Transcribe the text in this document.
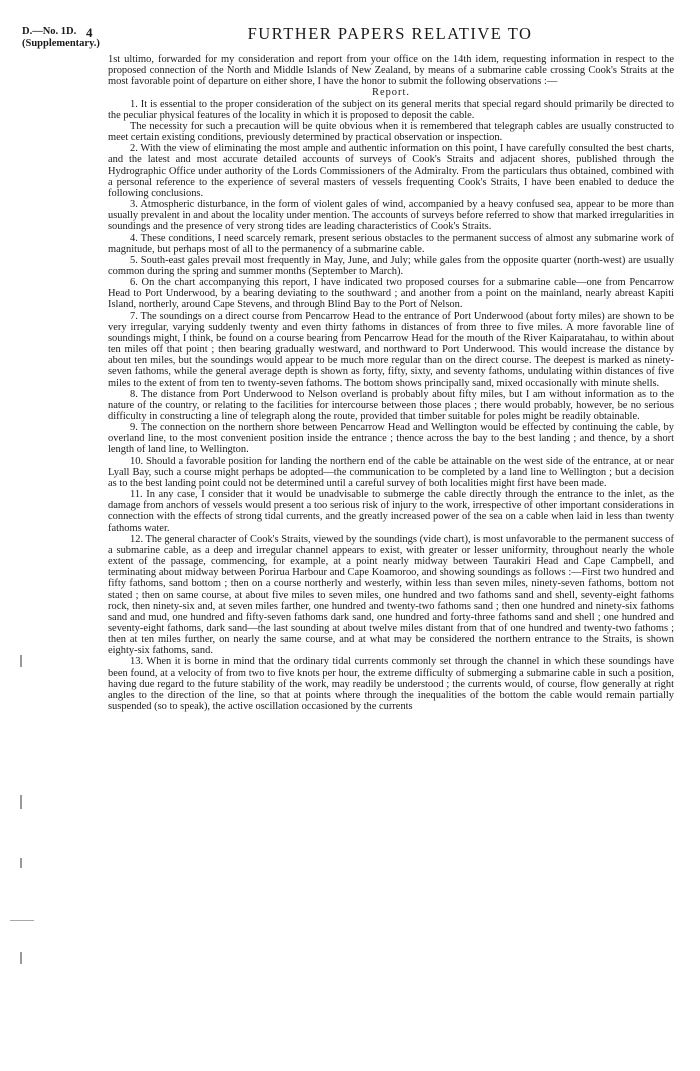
D.—No. 1D.
(Supplementary.)
4	FURTHER PAPERS RELATIVE TO

1st ultimo, forwarded for my consideration and report from your office on the 14th idem, requesting information in respect to the proposed connection of the North and Middle Islands of New Zealand, by means of a submarine cable crossing Cook's Straits at the most favorable point of departure on either shore, I have the honor to submit the following observations :—

Report.

1. It is essential to the proper consideration of the subject on its general merits that special regard should primarily be directed to the peculiar physical features of the locality in which it is proposed to deposit the cable.

The necessity for such a precaution will be quite obvious when it is remembered that telegraph cables are usually constructed to meet certain existing conditions, previously determined by practical observation or inspection.

2. With the view of eliminating the most ample and authentic information on this point, I have carefully consulted the best charts, and the latest and most accurate detailed accounts of surveys of Cook's Straits and adjacent shores, published through the Hydrographic Office under authority of the Lords Commissioners of the Admiralty. From the particulars thus obtained, combined with a personal reference to the experience of several masters of vessels frequenting Cook's Straits, I have been enabled to deduce the following conclusions.

3. Atmospheric disturbance, in the form of violent gales of wind, accompanied by a heavy confused sea, appear to be more than usually prevalent in and about the locality under mention. The accounts of surveys before referred to show that marked irregularities in soundings and the presence of very strong tides are leading characteristics of Cook's Straits.

4. These conditions, I need scarcely remark, present serious obstacles to the permanent success of almost any submarine work of magnitude, but perhaps most of all to the permanency of a submarine cable.

5. South-east gales prevail most frequently in May, June, and July; while gales from the opposite quarter (north-west) are usually common during the spring and summer months (September to March).

6. On the chart accompanying this report, I have indicated two proposed courses for a submarine cable—one from Pencarrow Head to Port Underwood, by a bearing deviating to the southward ; and another from a point on the mainland, nearly abreast Kapiti Island, northerly, around Cape Stevens, and through Blind Bay to the Port of Nelson.

7. The soundings on a direct course from Pencarrow Head to the entrance of Port Underwood (about forty miles) are shown to be very irregular, varying suddenly twenty and even thirty fathoms in distances of from three to five miles. A more favorable line of soundings might, I think, be found on a course bearing from Pencarrow Head for the mouth of the River Kaiparatahau, to within about ten miles off that point ; then bearing gradually westward, and northward to Port Underwood. This would increase the distance by about ten miles, but the soundings would appear to be much more regular than on the direct course. The deepest is marked as ninety-seven fathoms, while the general average depth is shown as forty, fifty, sixty, and seventy fathoms, undulating within distances of five miles to the extent of from ten to twenty-seven fathoms. The bottom shows principally sand, mixed occasionally with minute shells.

8. The distance from Port Underwood to Nelson overland is probably about fifty miles, but I am without information as to the nature of the country, or relating to the facilities for intercourse between those places ; there would probably, however, be no serious difficulty in constructing a line of telegraph along the route, provided that timber suitable for poles might be readily obtainable.

9. The connection on the northern shore between Pencarrow Head and Wellington would be effected by continuing the cable, by overland line, to the most convenient position inside the entrance ; thence across the bay to the best landing ; and thence, by a short length of land line, to Wellington.

10. Should a favorable position for landing the northern end of the cable be attainable on the west side of the entrance, at or near Lyall Bay, such a course might perhaps be adopted—the communication to be completed by a land line to Wellington ; but a decision as to the best landing point could not be determined until a careful survey of both localities might first have been made.

11. In any case, I consider that it would be unadvisable to submerge the cable directly through the entrance to the inlet, as the damage from anchors of vessels would present a too serious risk of injury to the work, irrespective of other important considerations in connection with the effects of strong tidal currents, and the greatly increased power of the sea on a cable when laid in less than twenty fathoms water.

12. The general character of Cook's Straits, viewed by the soundings (vide chart), is most unfavorable to the permanent success of a submarine cable, as a deep and irregular channel appears to exist, with greater or lesser uniformity, throughout nearly the whole extent of the passage, commencing, for example, at a point nearly midway between Taurakiri Head and Cape Campbell, and terminating about midway between Porirua Harbour and Cape Koamoroo, and showing soundings as follows :—First two hundred and fifty fathoms, sand bottom ; then on a course northerly and westerly, within less than seven miles, ninety-seven fathoms, bottom not stated ; then on same course, at about five miles to seven miles, one hundred and two fathoms sand and shell, seventy-eight fathoms rock, then ninety-six and, at seven miles farther, one hundred and twenty-two fathoms sand ; then one hundred and ninety-six fathoms sand and mud, one hundred and fifty-seven fathoms dark sand, one hundred and forty-three fathoms sand and shell ; one hundred and seventy-eight fathoms, dark sand—the last sounding at about twelve miles distant from that of one hundred and twenty-two fathoms ; then at ten miles further, on nearly the same course, and at what may be considered the northern entrance to the Straits, is shown eighty-six fathoms, sand.

13. When it is borne in mind that the ordinary tidal currents commonly set through the channel in which these soundings have been found, at a velocity of from two to five knots per hour, the extreme difficulty of submerging a submarine cable in such a position, having due regard to the future stability of the work, may readily be understood ; the currents would, of course, flow generally at right angles to the direction of the line, so that at points where through the inequalities of the bottom the cable would remain partially suspended (so to speak), the active oscillation occasioned by the currents
